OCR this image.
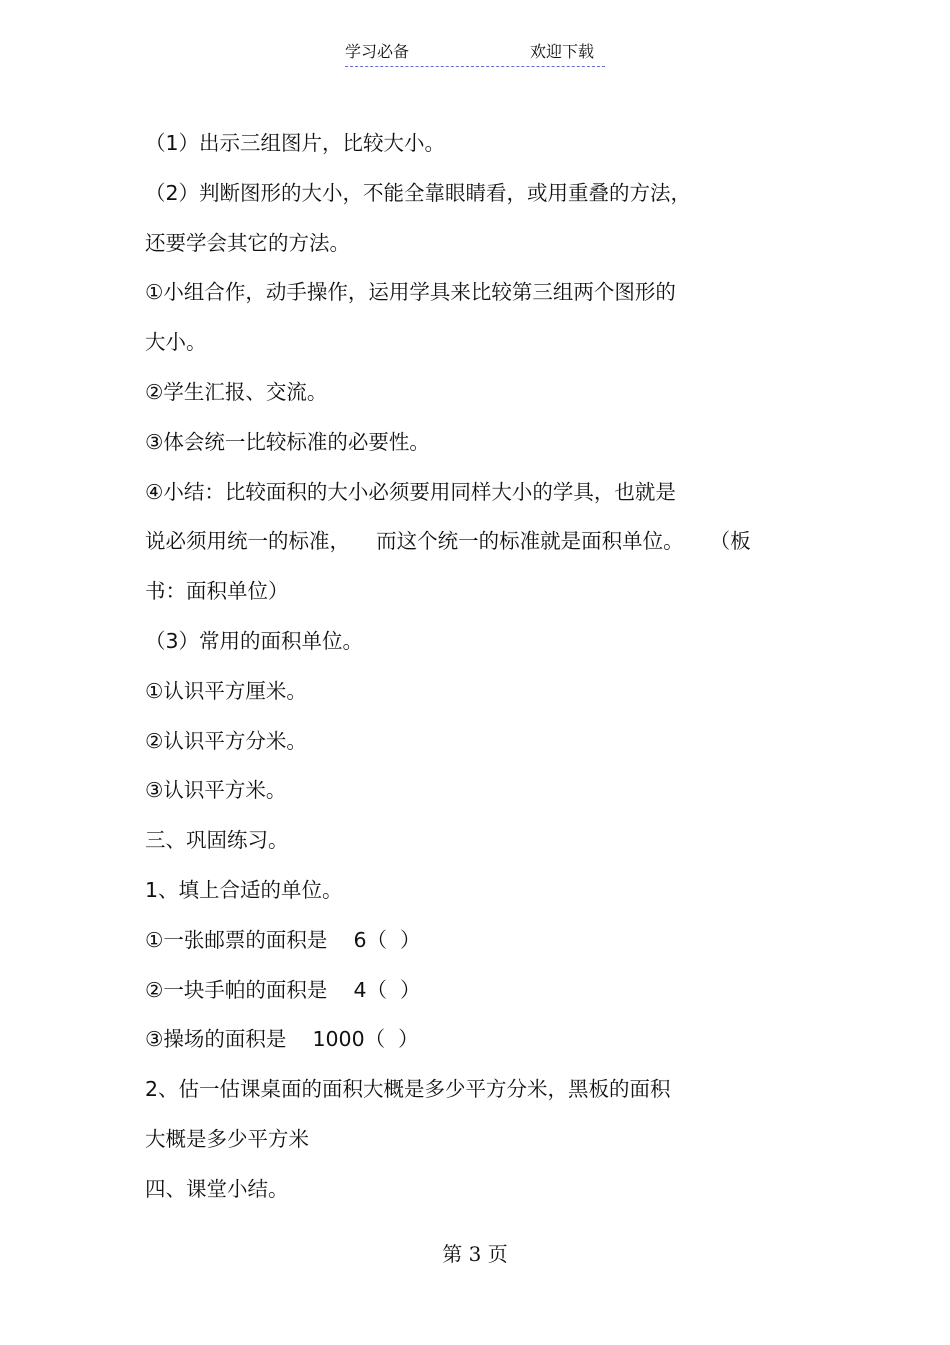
学习必备	欢迎下载
（1）出示三组图片，比较大小。
（2）判断图形的大小，不能全靠眼睛看，或用重叠的方法，
还要学会其它的方法。
①小组合作，动手操作，运用学具来比较第三组两个图形的
大小。
②学生汇报、交流。
③体会统一比较标准的必要性。
④小结：比较面积的大小必须要用同样大小的学具，也就是
说必须用统一的标准，    而这个统一的标准就是面积单位。    （板
书：面积单位）
（3）常用的面积单位。
①认识平方厘米。
②认识平方分米。
③认识平方米。
三、巩固练习。
1、填上合适的单位。
①一张邮票的面积是    6（  ）
②一块手帕的面积是    4（  ）
③操场的面积是    1000（  ）
2、估一估课桌面的面积大概是多少平方分米，黑板的面积
大概是多少平方米
四、课堂小结。
第 3 页
